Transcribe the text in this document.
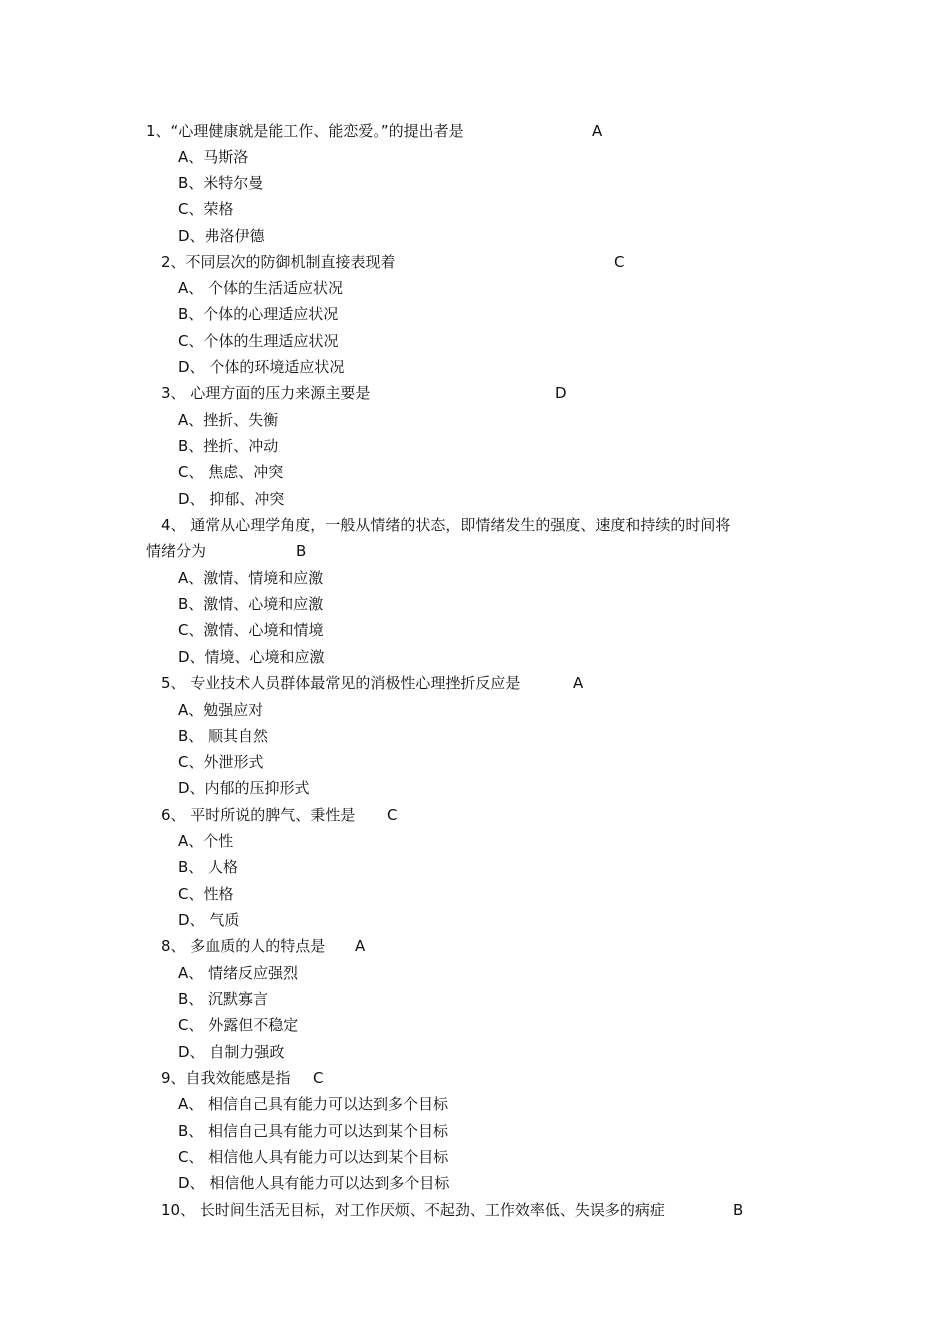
1、“心理健康就是能工作、能恋爱。”的提出者是	A
A、马斯洛
B、米特尔曼
C、荣格
D、弗洛伊德
2、不同层次的防御机制直接表现着	C
A、 个体的生活适应状况
B、个体的心理适应状况
C、个体的生理适应状况
D、 个体的环境适应状况
3、 心理方面的压力来源主要是	D
A、挫折、失衡
B、挫折、冲动
C、 焦虑、冲突
D、 抑郁、冲突
4、 通常从心理学角度，一般从情绪的状态，即情绪发生的强度、速度和持续的时间将
情绪分为	B
A、激情、情境和应激
B、激情、心境和应激
C、激情、心境和情境
D、情境、心境和应激
5、 专业技术人员群体最常见的消极性心理挫折反应是	A
A、勉强应对
B、 顺其自然
C、外泄形式
D、内郁的压抑形式
6、 平时所说的脾气、秉性是 C
A、个性
B、 人格
C、性格
D、 气质
8、 多血质的人的特点是 A
A、 情绪反应强烈
B、 沉默寡言
C、 外露但不稳定
D、 自制力强政
9、自我效能感是指 C
A、 相信自己具有能力可以达到多个目标
B、 相信自己具有能力可以达到某个目标
C、 相信他人具有能力可以达到某个目标
D、 相信他人具有能力可以达到多个目标
10、 长时间生活无目标，对工作厌烦、不起劲、工作效率低、失误多的病症	B
